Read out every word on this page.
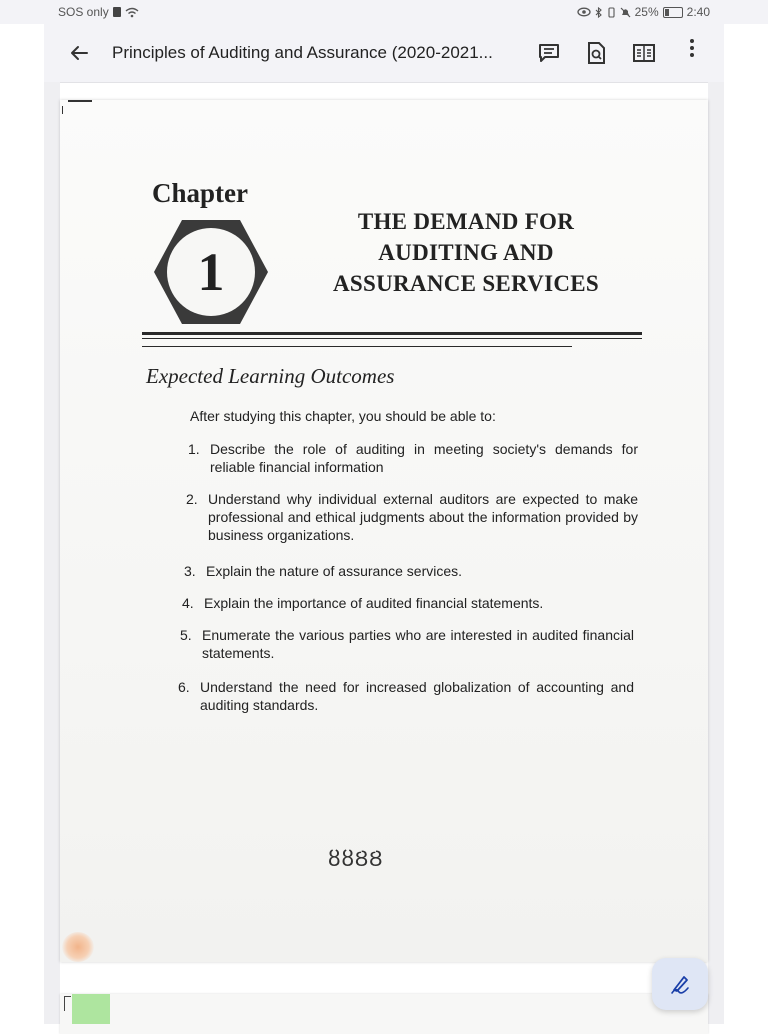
SOS only	25% 2:40
Principles of Auditing and Assurance (2020-2021...
Chapter
1
THE DEMAND FOR
AUDITING AND
ASSURANCE SERVICES
Expected Learning Outcomes
After studying this chapter, you should be able to:
1. Describe the role of auditing in meeting society's demands for reliable financial information
2. Understand why individual external auditors are expected to make professional and ethical judgments about the information provided by business organizations.
3. Explain the nature of assurance services.
4. Explain the importance of audited financial statements.
5. Enumerate the various parties who are interested in audited financial statements.
6. Understand the need for increased globalization of accounting and auditing standards.
ȣȣȢȢ
